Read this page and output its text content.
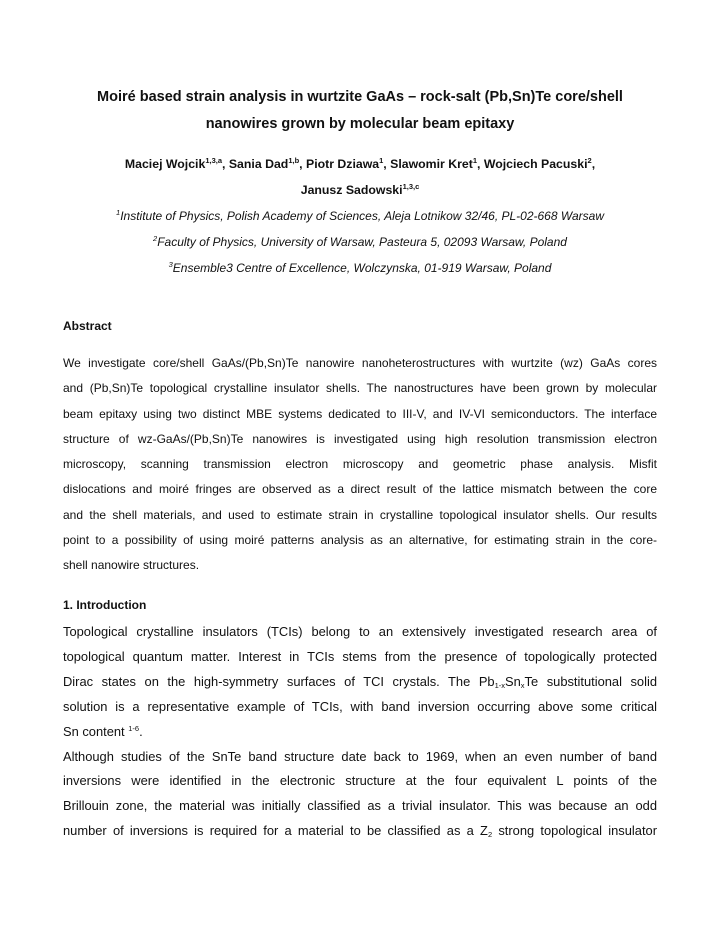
Moiré based strain analysis in wurtzite GaAs – rock-salt (Pb,Sn)Te core/shell
nanowires grown by molecular beam epitaxy
Maciej Wojcik$^{1,3,a}$, Sania Dad$^{1,b}$, Piotr Dziawa$^1$, Slawomir Kret$^1$, Wojciech Pacuski$^2$,
Janusz Sadowski$^{1,3,c}$
$^1$Institute of Physics, Polish Academy of Sciences, Aleja Lotnikow 32/46, PL-02-668 Warsaw
$^2$Faculty of Physics, University of Warsaw, Pasteura 5, 02093 Warsaw, Poland
$^3$Ensemble3 Centre of Excellence, Wolczynska, 01-919 Warsaw, Poland
Abstract

We investigate core/shell GaAs/(Pb,Sn)Te nanowire nanoheterostructures with wurtzite (wz) GaAs cores
and (Pb,Sn)Te topological crystalline insulator shells. The nanostructures have been grown by molecular
beam epitaxy using two distinct MBE systems dedicated to III-V, and IV-VI semiconductors. The interface
structure of wz-GaAs/(Pb,Sn)Te nanowires is investigated using high resolution transmission electron
microscopy, scanning transmission electron microscopy and geometric phase analysis. Misfit
dislocations and moiré fringes are observed as a direct result of the lattice mismatch between the core
and the shell materials, and used to estimate strain in crystalline topological insulator shells. Our results
point to a possibility of using moiré patterns analysis as an alternative, for estimating strain in the core-
shell nanowire structures.

1. Introduction
Topological crystalline insulators (TCIs) belong to an extensively investigated research area of
topological quantum matter. Interest in TCIs stems from the presence of topologically protected
Dirac states on the high-symmetry surfaces of TCI crystals. The $Pb_{1-x}Sn_xTe$ substitutional solid
solution is a representative example of TCIs, with band inversion occurring above some critical
Sn content $^{1-6}$.
Although studies of the SnTe band structure date back to 1969, when an even number of band
inversions were identified in the electronic structure at the four equivalent L points of the
Brillouin zone, the material was initially classified as a trivial insulator. This was because an odd
number of inversions is required for a material to be classified as a $Z_2$ strong topological insulator
